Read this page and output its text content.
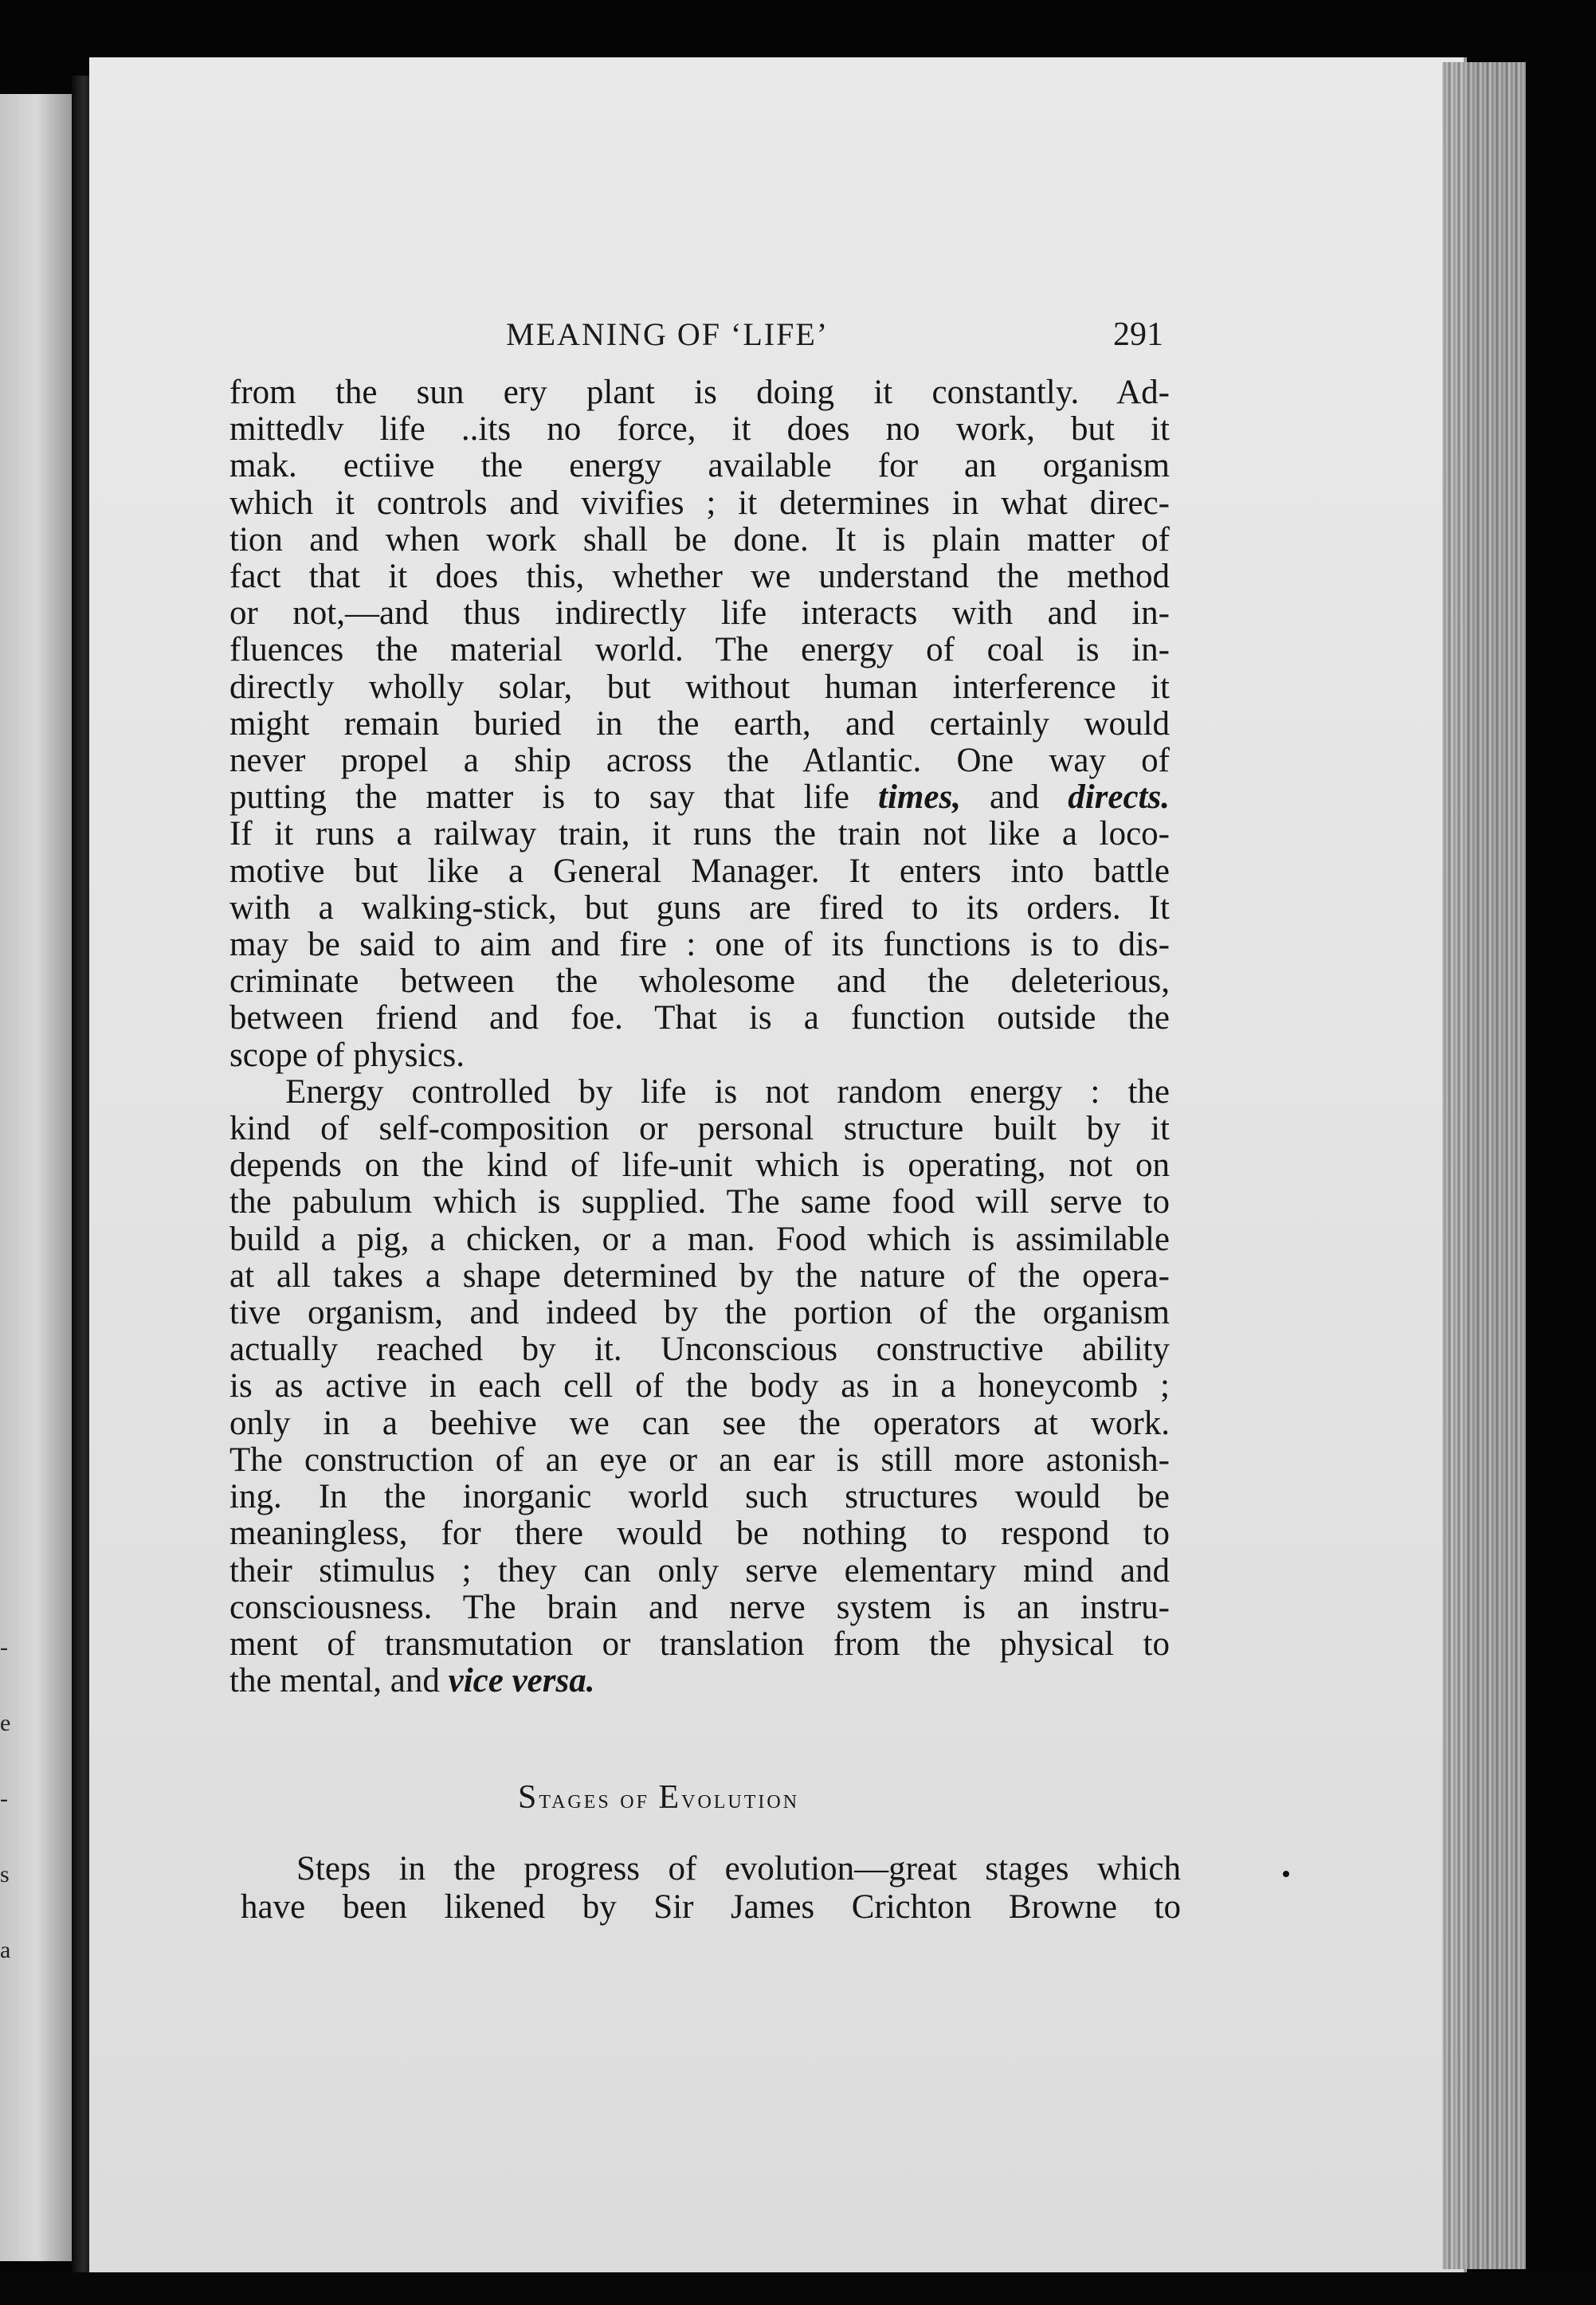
-
e
-
s
a
MEANING OF ‘LIFE’	291

from the sun ery plant is doing it constantly. Ad-

mittedlv life ..its no force, it does no work, but it

mak. ectiive the energy available for an organism

which it controls and vivifies ; it determines in what direc-

tion and when work shall be done. It is plain matter of

fact that it does this, whether we understand the method

or not,—and thus indirectly life interacts with and in-

fluences the material world. The energy of coal is in-

directly wholly solar, but without human interference it

might remain buried in the earth, and certainly would

never propel a ship across the Atlantic. One way of

putting the matter is to say that life times, and directs.

If it runs a railway train, it runs the train not like a loco-

motive but like a General Manager. It enters into battle

with a walking-stick, but guns are fired to its orders. It

may be said to aim and fire : one of its functions is to dis-

criminate between the wholesome and the deleterious,

between friend and foe. That is a function outside the

scope of physics.

Energy controlled by life is not random energy : the

kind of self-composition or personal structure built by it

depends on the kind of life-unit which is operating, not on

the pabulum which is supplied. The same food will serve to

build a pig, a chicken, or a man. Food which is assimilable

at all takes a shape determined by the nature of the opera-

tive organism, and indeed by the portion of the organism

actually reached by it. Unconscious constructive ability

is as active in each cell of the body as in a honeycomb ;

only in a beehive we can see the operators at work.

The construction of an eye or an ear is still more astonish-

ing. In the inorganic world such structures would be

meaningless, for there would be nothing to respond to

their stimulus ; they can only serve elementary mind and

consciousness. The brain and nerve system is an instru-

ment of transmutation or translation from the physical to

the mental, and vice versa.

Stages of Evolution

Steps in the progress of evolution—great stages which

have been likened by Sir James Crichton Browne to
